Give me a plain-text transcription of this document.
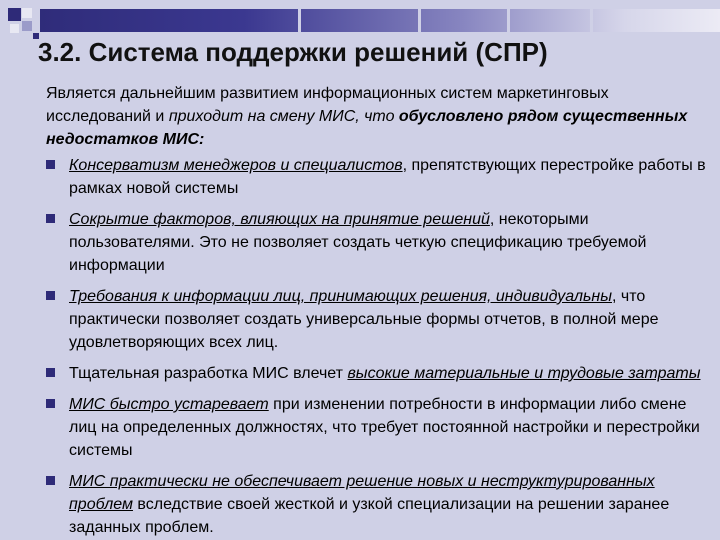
3.2. Система поддержки решений (СПР)

Является дальнейшим развитием информационных систем маркетинговых исследований и приходит на смену МИС, что обусловлено рядом существенных недостатков МИС:

Консерватизм менеджеров и специалистов, препятствующих перестройке работы в рамках новой системы
Сокрытие факторов, влияющих на принятие решений, некоторыми пользователями. Это не позволяет создать четкую спецификацию требуемой информации
Требования к информации лиц, принимающих решения, индивидуальны, что практически позволяет создать универсальные формы отчетов, в полной мере удовлетворяющих всех лиц.
Тщательная разработка МИС влечет высокие материальные и трудовые затраты
МИС быстро устаревает при изменении потребности в информации либо смене лиц на определенных должностях, что требует постоянной настройки и перестройки системы
МИС практически не обеспечивает решение новых и неструктурированных проблем вследствие своей жесткой и узкой специализации на решении заранее заданных проблем.
